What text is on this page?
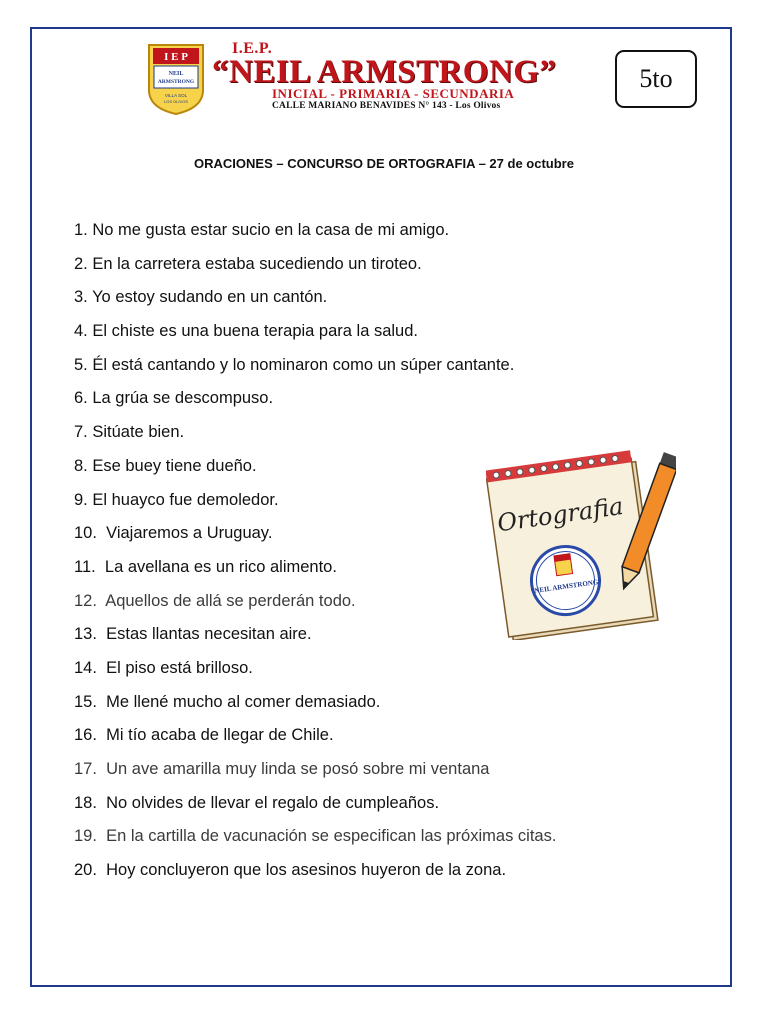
I E P
NEIL
ARMSTRONG
VILLA SOL
LOS OLIVOS
I.E.P.
“NEIL ARMSTRONG”
INICIAL - PRIMARIA - SECUNDARIA
CALLE MARIANO BENAVIDES N° 143 - Los Olivos
5to
ORACIONES – CONCURSO DE ORTOGRAFIA – 27 de octubre
1. No me gusta estar sucio en la casa de mi amigo.
2. En la carretera estaba sucediendo un tiroteo.
3. Yo estoy sudando en un cantón.
4. El chiste es una buena terapia para la salud.
5. Él está cantando y lo nominaron como un súper cantante.
6. La grúa se descompuso.
7. Sitúate bien.
8. Ese buey tiene dueño.
9. El huayco fue demoledor.
10. Viajaremos a Uruguay.
11. La avellana es un rico alimento.
12. Aquellos de allá se perderán todo.
13. Estas llantas necesitan aire.
14. El piso está brilloso.
15. Me llené mucho al comer demasiado.
16. Mi tío acaba de llegar de Chile.
17. Un ave amarilla muy linda se posó sobre mi ventana
18. No olvides de llevar el regalo de cumpleaños.
19. En la cartilla de vacunación se especifican las próximas citas.
20. Hoy concluyeron que los asesinos huyeron de la zona.
Ortografia
“NEIL ARMSTRONG”
